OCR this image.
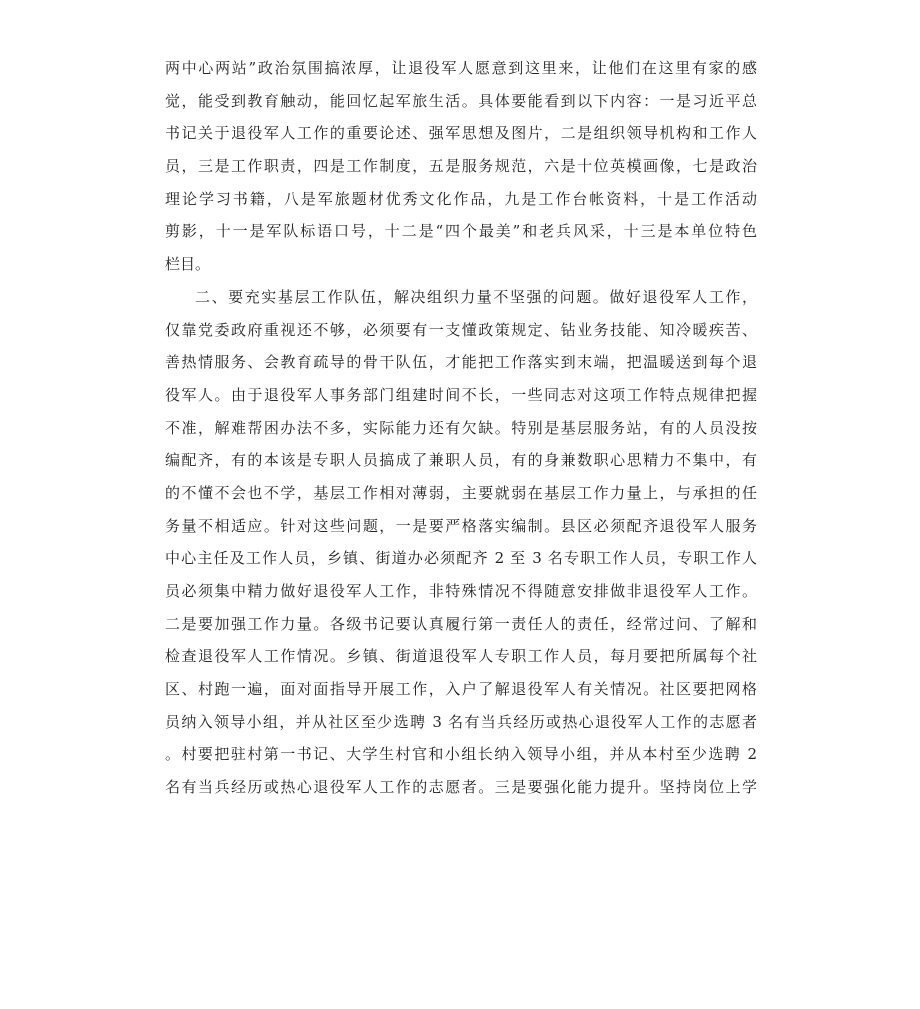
两中心两站”政治氛围搞浓厚，让退役军人愿意到这里来，让他们在这里有家的感
觉，能受到教育触动，能回忆起军旅生活。具体要能看到以下内容：一是习近平总
书记关于退役军人工作的重要论述、强军思想及图片，二是组织领导机构和工作人
员，三是工作职责，四是工作制度，五是服务规范，六是十位英模画像，七是政治
理论学习书籍，八是军旅题材优秀文化作品，九是工作台帐资料，十是工作活动
剪影，十一是军队标语口号，十二是“四个最美”和老兵风采，十三是本单位特色
栏目。
二、要充实基层工作队伍，解决组织力量不坚强的问题。做好退役军人工作，
仅靠党委政府重视还不够，必须要有一支懂政策规定、钻业务技能、知冷暖疾苦、
善热情服务、会教育疏导的骨干队伍，才能把工作落实到末端，把温暖送到每个退
役军人。由于退役军人事务部门组建时间不长，一些同志对这项工作特点规律把握
不准，解难帮困办法不多，实际能力还有欠缺。特别是基层服务站，有的人员没按
编配齐，有的本该是专职人员搞成了兼职人员，有的身兼数职心思精力不集中，有
的不懂不会也不学，基层工作相对薄弱，主要就弱在基层工作力量上，与承担的任
务量不相适应。针对这些问题，一是要严格落实编制。县区必须配齐退役军人服务
中心主任及工作人员，乡镇、街道办必须配齐 2 至 3 名专职工作人员，专职工作人
员必须集中精力做好退役军人工作，非特殊情况不得随意安排做非退役军人工作。
二是要加强工作力量。各级书记要认真履行第一责任人的责任，经常过问、了解和
检查退役军人工作情况。乡镇、街道退役军人专职工作人员，每月要把所属每个社
区、村跑一遍，面对面指导开展工作，入户了解退役军人有关情况。社区要把网格
员纳入领导小组，并从社区至少选聘 3 名有当兵经历或热心退役军人工作的志愿者
。村要把驻村第一书记、大学生村官和小组长纳入领导小组，并从本村至少选聘 2
名有当兵经历或热心退役军人工作的志愿者。三是要强化能力提升。坚持岗位上学
